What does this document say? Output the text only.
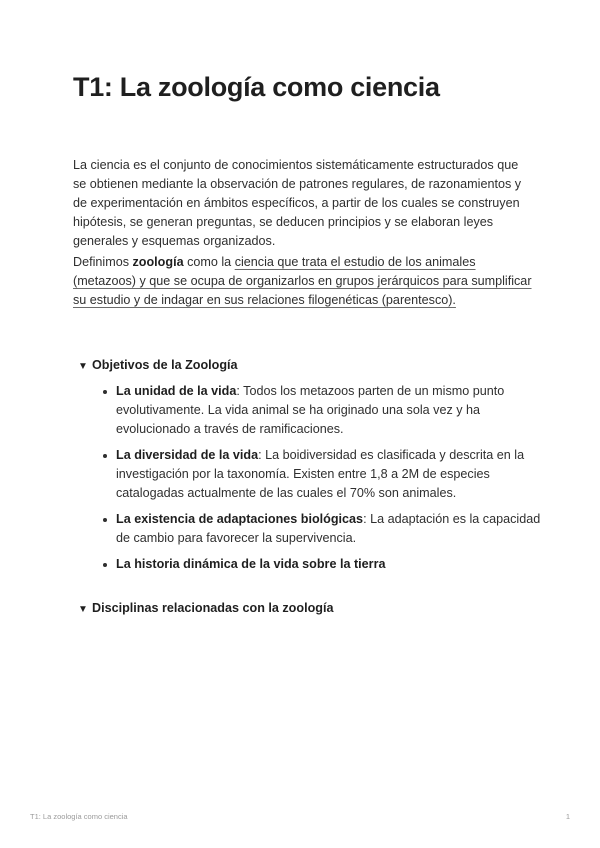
T1: La zoología como ciencia

La ciencia es el conjunto de conocimientos sistemáticamente estructurados que se obtienen mediante la observación de patrones regulares, de razonamientos y de experimentación en ámbitos específicos, a partir de los cuales se construyen hipótesis, se generan preguntas, se deducen principios y se elaboran leyes generales y esquemas organizados.

Definimos zoología como la ciencia que trata el estudio de los animales (metazoos) y que se ocupa de organizarlos en grupos jerárquicos para sumplificar su estudio y de indagar en sus relaciones filogenéticas (parentesco).

▼ Objetivos de la Zoología
La unidad de la vida: Todos los metazoos parten de un mismo punto evolutivamente. La vida animal se ha originado una sola vez y ha evolucionado a través de ramificaciones.
La diversidad de la vida: La boidiversidad es clasificada y descrita en la investigación por la taxonomía. Existen entre 1,8 a 2M de especies catalogadas actualmente de las cuales el 70% son animales.
La existencia de adaptaciones biológicas: La adaptación es la capacidad de cambio para favorecer la supervivencia.
La historia dinámica de la vida sobre la tierra
▼ Disciplinas relacionadas con la zoología
T1: La zoología como ciencia	1
